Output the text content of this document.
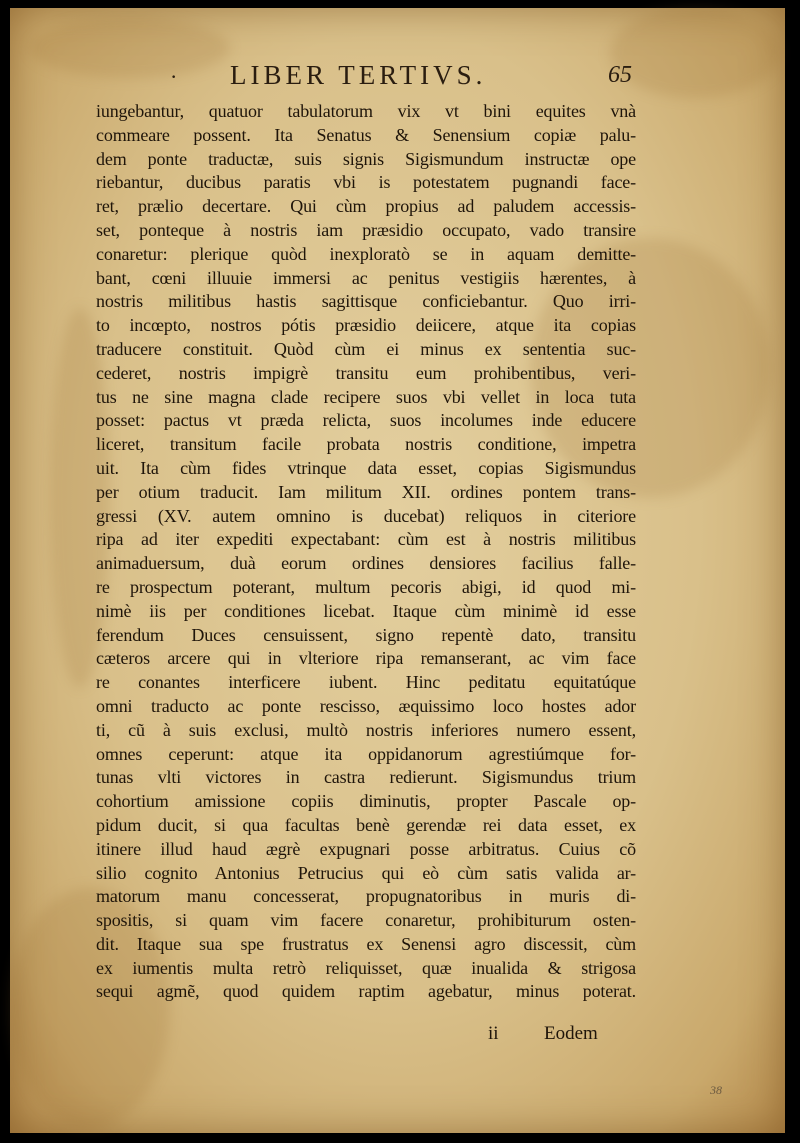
· LIBER TERTIVS.	65
iungebantur, quatuor tabulatorum vix vt bini equites vnà
commeare possent. Ita Senatus & Senensium copiæ palu-
dem ponte traductæ, suis signis Sigismundum instructæ ope
riebantur, ducibus paratis vbi is potestatem pugnandi face-
ret, prælio decertare. Qui cùm propius ad paludem accessis-
set, ponteque à nostris iam præsidio occupato, vado transire
conaretur: plerique quòd inexploratò se in aquam demitte-
bant, cœni illuuie immersi ac penitus vestigiis hærentes, à
nostris militibus hastis sagittisque conficiebantur. Quo irri-
to incœpto, nostros pótis præsidio deiicere, atque ita copias
traducere constituit. Quòd cùm ei minus ex sententia suc-
cederet, nostris impigrè transitu eum prohibentibus, veri-
tus ne sine magna clade recipere suos vbi vellet in loca tuta
posset: pactus vt præda relicta, suos incolumes inde educere
liceret, transitum facile probata nostris conditione, impetra
uit. Ita cùm fides vtrinque data esset, copias Sigismundus
per otium traducit. Iam militum XII. ordines pontem trans-
gressi (XV. autem omnino is ducebat) reliquos in citeriore
ripa ad iter expediti expectabant: cùm est à nostris militibus
animaduersum, duà eorum ordines densiores facilius falle-
re prospectum poterant, multum pecoris abigi, id quod mi-
nimè iis per conditiones licebat. Itaque cùm minimè id esse
ferendum Duces censuissent, signo repentè dato, transitu
cæteros arcere qui in vlteriore ripa remanserant, ac vim face
re conantes interficere iubent. Hinc peditatu equitatúque
omni traducto ac ponte rescisso, æquissimo loco hostes ador
ti, cũ à suis exclusi, multò nostris inferiores numero essent,
omnes ceperunt: atque ita oppidanorum agrestiúmque for-
tunas vlti victores in castra redierunt. Sigismundus trium
cohortium amissione copiis diminutis, propter Pascale op-
pidum ducit, si qua facultas benè gerendæ rei data esset, ex
itinere illud haud ægrè expugnari posse arbitratus. Cuius cõ
silio cognito Antonius Petrucius qui eò cùm satis valida ar-
matorum manu concesserat, propugnatoribus in muris di-
spositis, si quam vim facere conaretur, prohibiturum osten-
dit. Itaque sua spe frustratus ex Senensi agro discessit, cùm
ex iumentis multa retrò reliquisset, quæ inualida & strigosa
sequi agmẽ, quod quidem raptim agebatur, minus poterat.
ii Eodem
38
